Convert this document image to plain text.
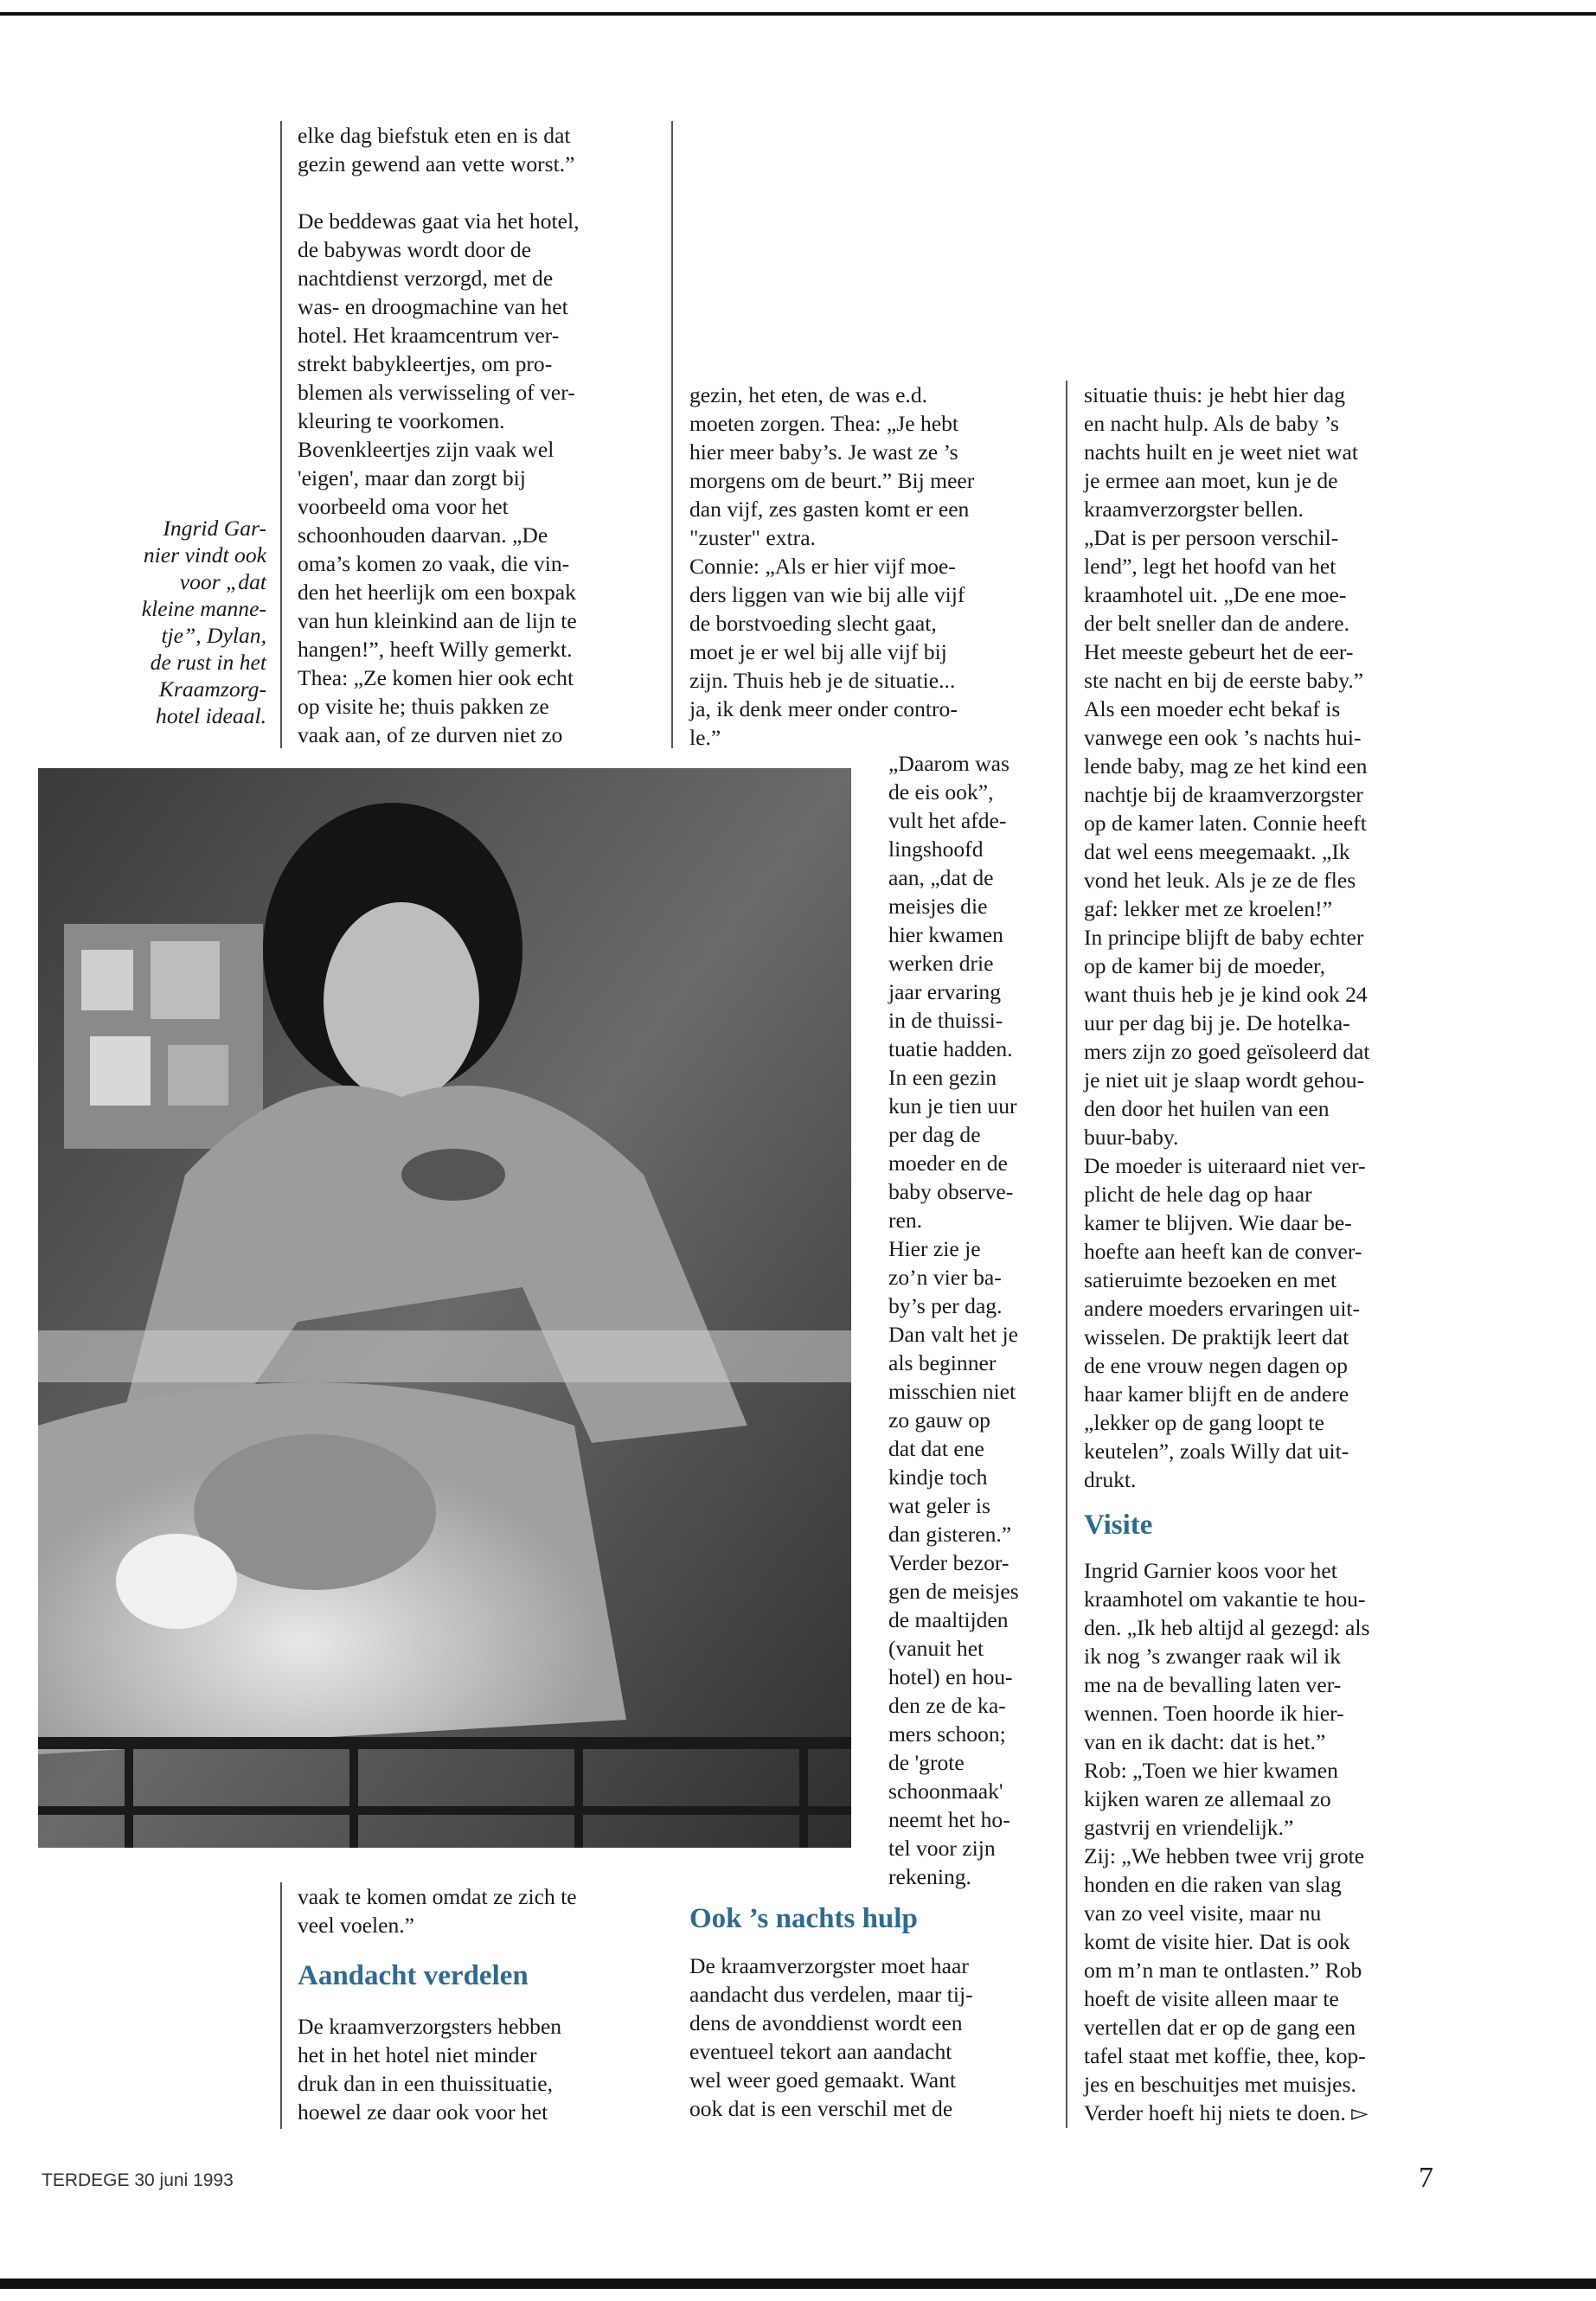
Ingrid Gar-
nier vindt ook
voor „dat
kleine manne-
tje”, Dylan,
de rust in het
Kraamzorg-
hotel ideaal.

elke dag biefstuk eten en is dat

gezin gewend aan vette worst.”

De beddewas gaat via het hotel,

de babywas wordt door de

nachtdienst verzorgd, met de

was- en droogmachine van het

hotel. Het kraamcentrum ver-

strekt babykleertjes, om pro-

blemen als verwisseling of ver-

kleuring te voorkomen.

Bovenkleertjes zijn vaak wel

'eigen', maar dan zorgt bij

voorbeeld oma voor het

schoonhouden daarvan. „De

oma’s komen zo vaak, die vin-

den het heerlijk om een boxpak

van hun kleinkind aan de lijn te

hangen!”, heeft Willy gemerkt.

Thea: „Ze komen hier ook echt

op visite he; thuis pakken ze

vaak aan, of ze durven niet zo

vaak te komen omdat ze zich te

veel voelen.”

Aandacht verdelen

De kraamverzorgsters hebben

het in het hotel niet minder

druk dan in een thuissituatie,

hoewel ze daar ook voor het

gezin, het eten, de was e.d.

moeten zorgen. Thea: „Je hebt

hier meer baby’s. Je wast ze ’s

morgens om de beurt.” Bij meer

dan vijf, zes gasten komt er een

"zuster" extra.

Connie: „Als er hier vijf moe-

ders liggen van wie bij alle vijf

de borstvoeding slecht gaat,

moet je er wel bij alle vijf bij

zijn. Thuis heb je de situatie...

ja, ik denk meer onder contro-

le.”

„Daarom was

de eis ook”,

vult het afde-

lingshoofd

aan, „dat de

meisjes die

hier kwamen

werken drie

jaar ervaring

in de thuissi-

tuatie hadden.

In een gezin

kun je tien uur

per dag de

moeder en de

baby observe-

ren.

Hier zie je

zo’n vier ba-

by’s per dag.

Dan valt het je

als beginner

misschien niet

zo gauw op

dat dat ene

kindje toch

wat geler is

dan gisteren.”

Verder bezor-

gen de meisjes

de maaltijden

(vanuit het

hotel) en hou-

den ze de ka-

mers schoon;

de 'grote

schoonmaak'

neemt het ho-

tel voor zijn

rekening.

Ook ’s nachts hulp

De kraamverzorgster moet haar

aandacht dus verdelen, maar tij-

dens de avonddienst wordt een

eventueel tekort aan aandacht

wel weer goed gemaakt. Want

ook dat is een verschil met de

situatie thuis: je hebt hier dag

en nacht hulp. Als de baby ’s

nachts huilt en je weet niet wat

je ermee aan moet, kun je de

kraamverzorgster bellen.

„Dat is per persoon verschil-

lend”, legt het hoofd van het

kraamhotel uit. „De ene moe-

der belt sneller dan de andere.

Het meeste gebeurt het de eer-

ste nacht en bij de eerste baby.”

Als een moeder echt bekaf is

vanwege een ook ’s nachts hui-

lende baby, mag ze het kind een

nachtje bij de kraamverzorgster

op de kamer laten. Connie heeft

dat wel eens meegemaakt. „Ik

vond het leuk. Als je ze de fles

gaf: lekker met ze kroelen!”

In principe blijft de baby echter

op de kamer bij de moeder,

want thuis heb je je kind ook 24

uur per dag bij je. De hotelka-

mers zijn zo goed geïsoleerd dat

je niet uit je slaap wordt gehou-

den door het huilen van een

buur-baby.

De moeder is uiteraard niet ver-

plicht de hele dag op haar

kamer te blijven. Wie daar be-

hoefte aan heeft kan de conver-

satieruimte bezoeken en met

andere moeders ervaringen uit-

wisselen. De praktijk leert dat

de ene vrouw negen dagen op

haar kamer blijft en de andere

„lekker op de gang loopt te

keutelen”, zoals Willy dat uit-

drukt.

Visite

Ingrid Garnier koos voor het

kraamhotel om vakantie te hou-

den. „Ik heb altijd al gezegd: als

ik nog ’s zwanger raak wil ik

me na de bevalling laten ver-

wennen. Toen hoorde ik hier-

van en ik dacht: dat is het.”

Rob: „Toen we hier kwamen

kijken waren ze allemaal zo

gastvrij en vriendelijk.”

Zij: „We hebben twee vrij grote

honden en die raken van slag

van zo veel visite, maar nu

komt de visite hier. Dat is ook

om m’n man te ontlasten.” Rob

hoeft de visite alleen maar te

vertellen dat er op de gang een

tafel staat met koffie, thee, kop-

jes en beschuitjes met muisjes.

Verder hoeft hij niets te doen. ▻

TERDEGE 30 juni 1993	7
